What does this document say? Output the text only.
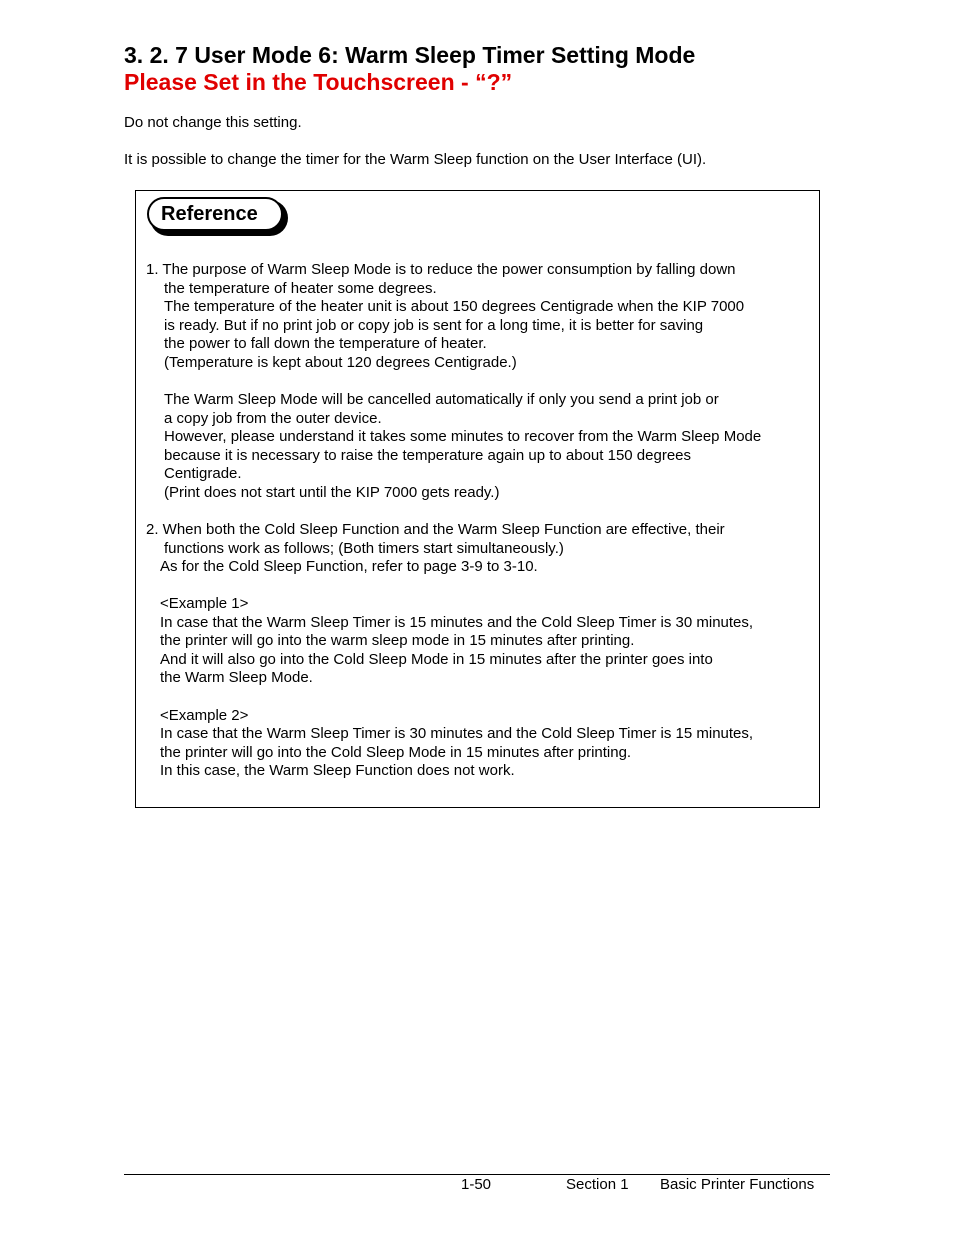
3. 2. 7 User Mode 6: Warm Sleep Timer Setting Mode
Please Set in the Touchscreen - “?”
Do not change this setting.
It is possible to change the timer for the Warm Sleep function on the User Interface (UI).
Reference
1. The purpose of Warm Sleep Mode is to reduce the power consumption by falling down
the temperature of heater some degrees.
The temperature of the heater unit is about 150 degrees Centigrade when the KIP 7000
is ready. But if no print job or copy job is sent for a long time, it is better for saving
the power to fall down the temperature of heater.
(Temperature is kept about 120 degrees Centigrade.)
The Warm Sleep Mode will be cancelled automatically if only you send a print job or
a copy job from the outer device.
However, please understand it takes some minutes to recover from the Warm Sleep Mode
because it is necessary to raise the temperature again up to about 150 degrees
Centigrade.
(Print does not start until the KIP 7000 gets ready.)
2. When both the Cold Sleep Function and the Warm Sleep Function are effective, their
functions work as follows; (Both timers start simultaneously.)
As for the Cold Sleep Function, refer to page 3-9 to 3-10.
<Example 1>
In case that the Warm Sleep Timer is 15 minutes and the Cold Sleep Timer is 30 minutes,
the printer will go into the warm sleep mode in 15 minutes after printing.
And it will also go into the Cold Sleep Mode in 15 minutes after the printer goes into
the Warm Sleep Mode.
<Example 2>
In case that the Warm Sleep Timer is 30 minutes and the Cold Sleep Timer is 15 minutes,
the printer will go into the Cold Sleep Mode in 15 minutes after printing.
In this case, the Warm Sleep Function does not work.
1-50	Section 1 Basic Printer Functions
